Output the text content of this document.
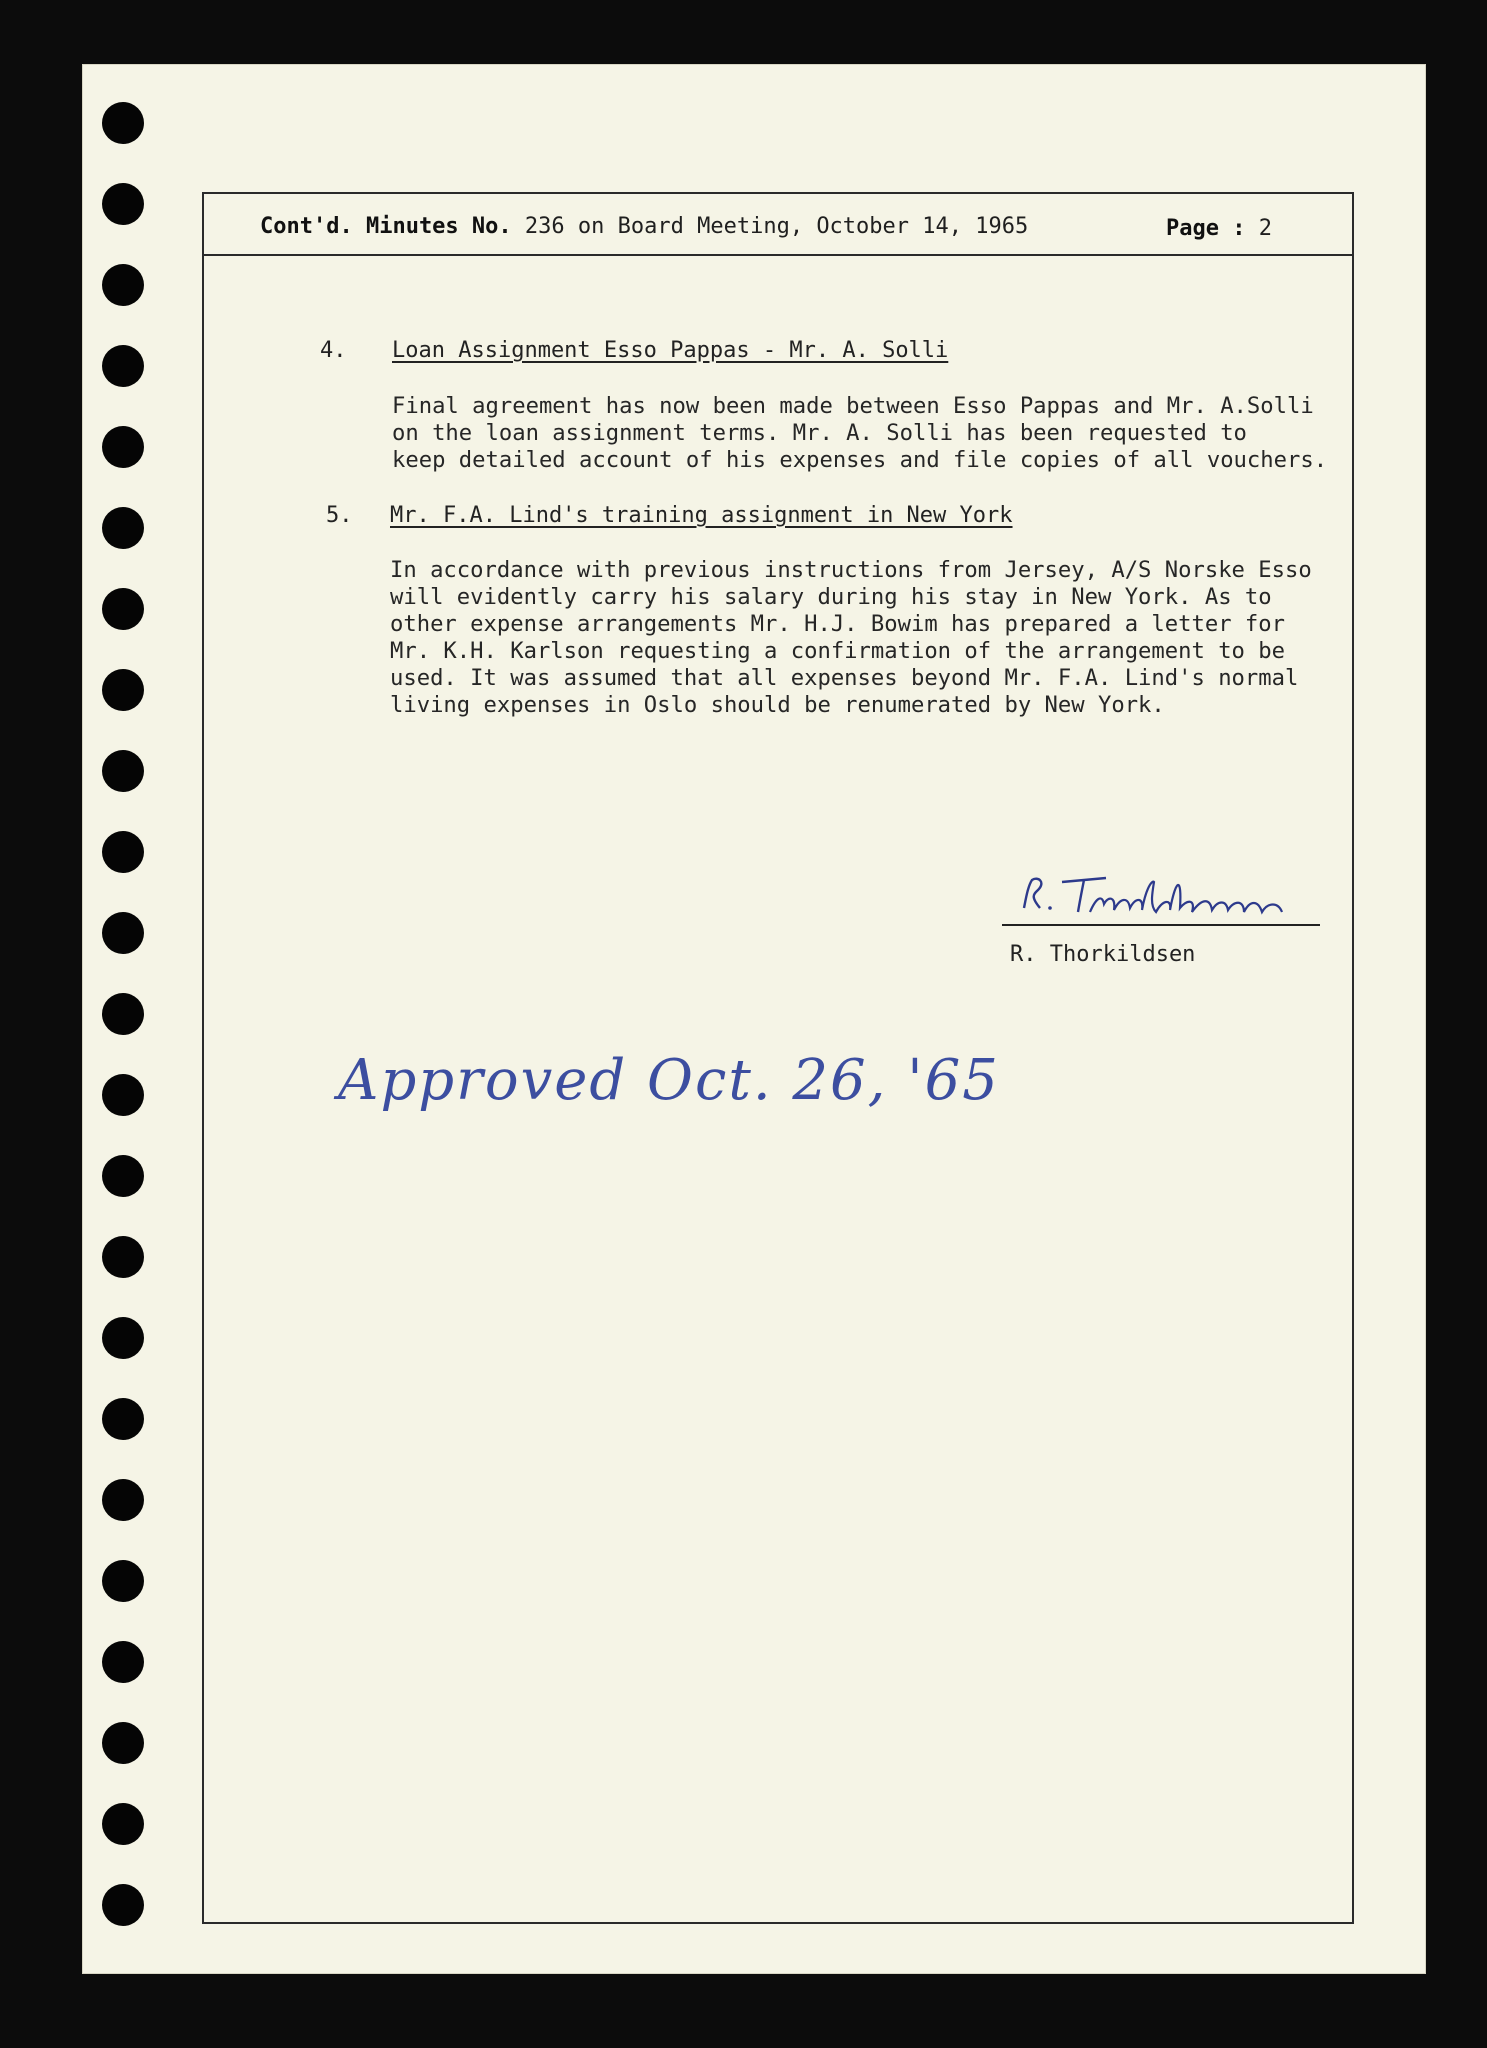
Cont'd. Minutes No. 236 on Board Meeting, October 14, 1965	Page : 2
4. Loan Assignment Esso Pappas - Mr. A. Solli

Final agreement has now been made between Esso Pappas and Mr. A.Solli

on the loan assignment terms. Mr. A. Solli has been requested to

keep detailed account of his expenses and file copies of all vouchers.

5. Mr. F.A. Lind's training assignment in New York

In accordance with previous instructions from Jersey, A/S Norske Esso

will evidently carry his salary during his stay in New York. As to

other expense arrangements Mr. H.J. Bowim has prepared a letter for

Mr. K.H. Karlson requesting a confirmation of the arrangement to be

used. It was assumed that all expenses beyond Mr. F.A. Lind's normal

living expenses in Oslo should be renumerated by New York.

R. Thorkildsen
Approved Oct. 26, '65
